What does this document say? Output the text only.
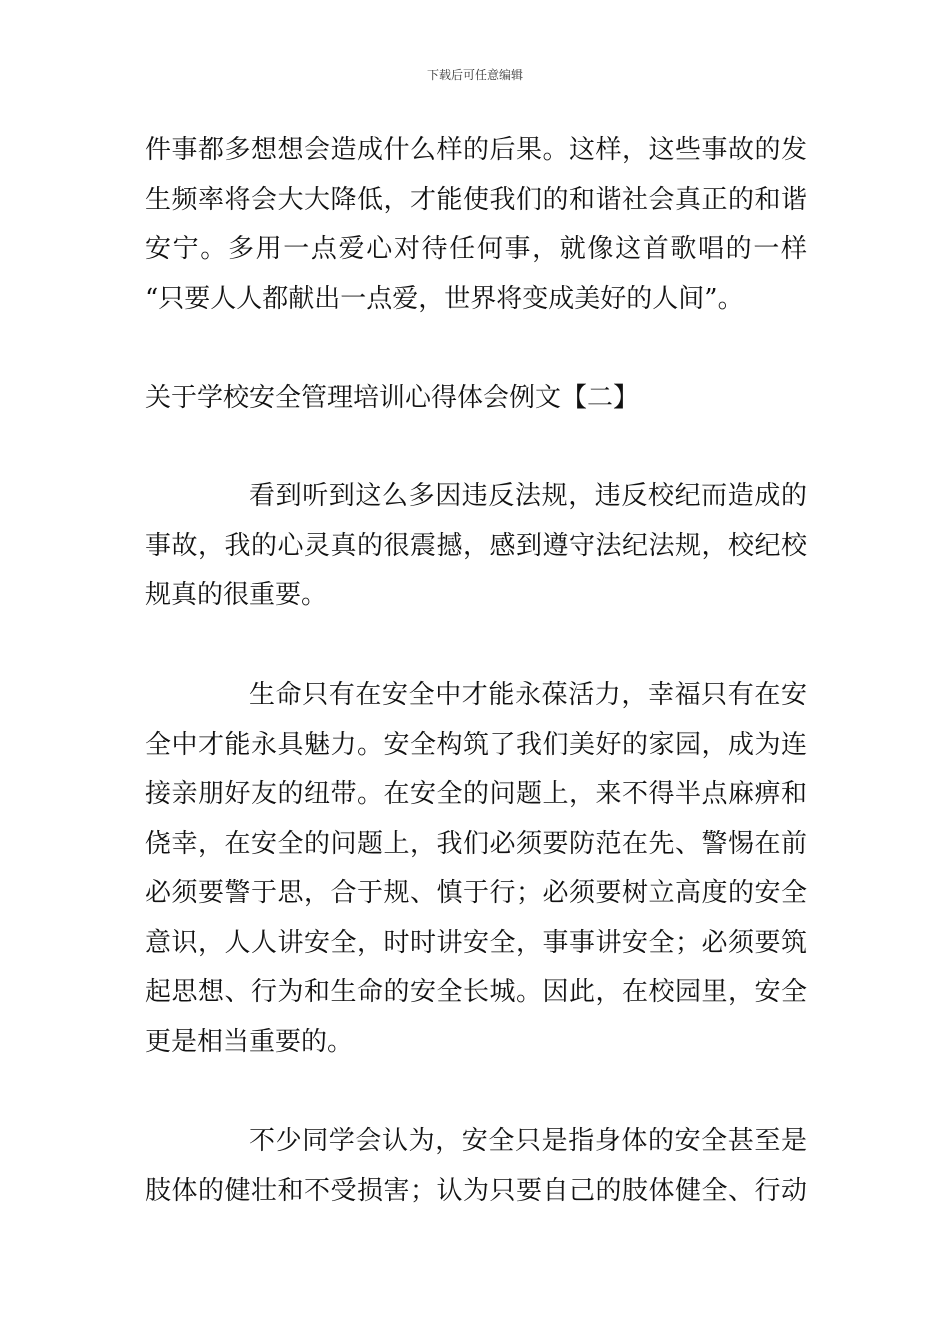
下载后可任意编辑
件事都多想想会造成什么样的后果。这样，这些事故的发
生频率将会大大降低，才能使我们的和谐社会真正的和谐
安宁。多用一点爱心对待任何事，就像这首歌唱的一样
“只要人人都献出一点爱，世界将变成美好的人间”。
关于学校安全管理培训心得体会例文【二】
看到听到这么多因违反法规，违反校纪而造成的
事故，我的心灵真的很震撼，感到遵守法纪法规，校纪校
规真的很重要。
生命只有在安全中才能永葆活力，幸福只有在安
全中才能永具魅力。安全构筑了我们美好的家园，成为连
接亲朋好友的纽带。在安全的问题上，来不得半点麻痹和
侥幸，在安全的问题上，我们必须要防范在先、警惕在前
必须要警于思，合于规、慎于行；必须要树立高度的安全
意识，人人讲安全，时时讲安全，事事讲安全；必须要筑
起思想、行为和生命的安全长城。因此，在校园里，安全
更是相当重要的。
不少同学会认为，安全只是指身体的安全甚至是
肢体的健壮和不受损害；认为只要自己的肢体健全、行动
